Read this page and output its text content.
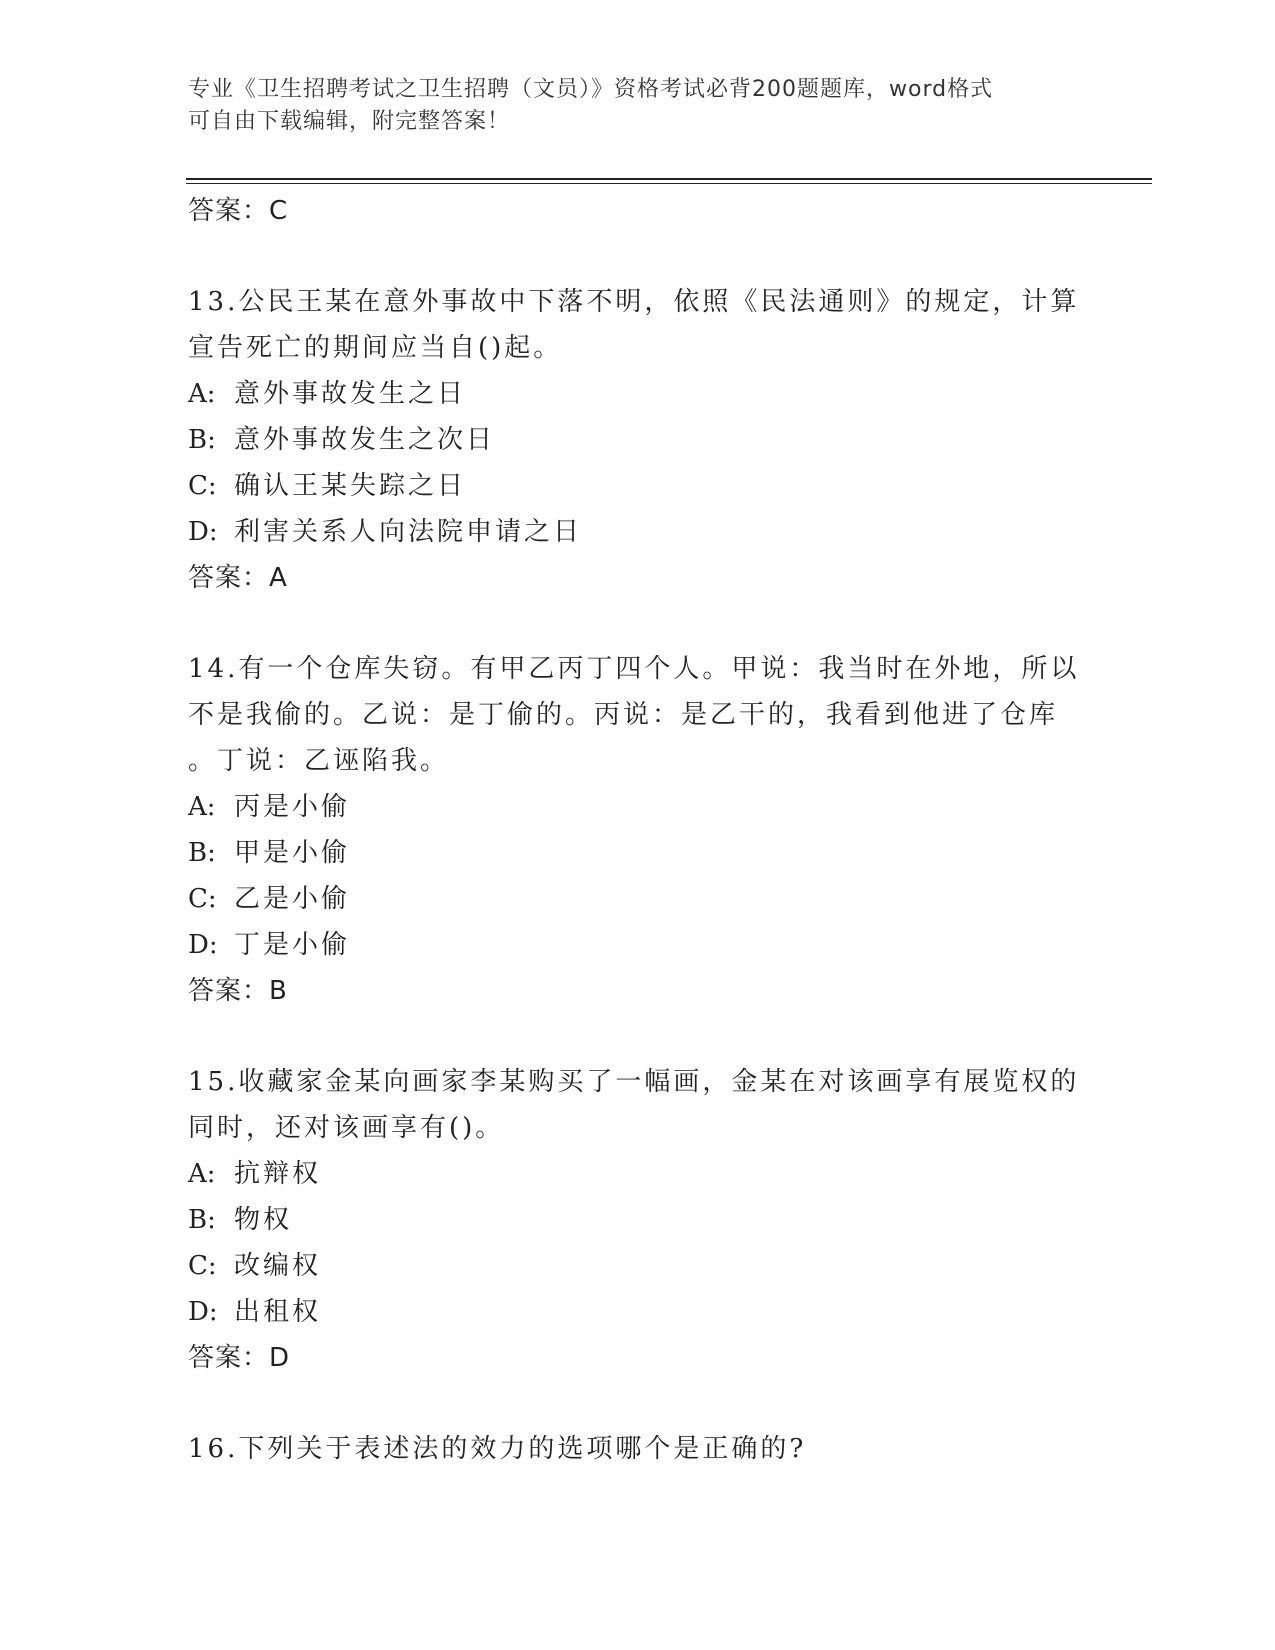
专业《卫生招聘考试之卫生招聘（文员）》资格考试必背200题题库，word格式
可自由下载编辑，附完整答案！
答案：C
13.公民王某在意外事故中下落不明，依照《民法通则》的规定，计算
宣告死亡的期间应当自()起。
A: 意外事故发生之日
B: 意外事故发生之次日
C: 确认王某失踪之日
D: 利害关系人向法院申请之日
答案：A
14.有一个仓库失窃。有甲乙丙丁四个人。甲说：我当时在外地，所以
不是我偷的。乙说：是丁偷的。丙说：是乙干的，我看到他进了仓库
。丁说：乙诬陷我。
A: 丙是小偷
B: 甲是小偷
C: 乙是小偷
D: 丁是小偷
答案：B
15.收藏家金某向画家李某购买了一幅画，金某在对该画享有展览权的
同时，还对该画享有()。
A: 抗辩权
B: 物权
C: 改编权
D: 出租权
答案：D
16.下列关于表述法的效力的选项哪个是正确的?
